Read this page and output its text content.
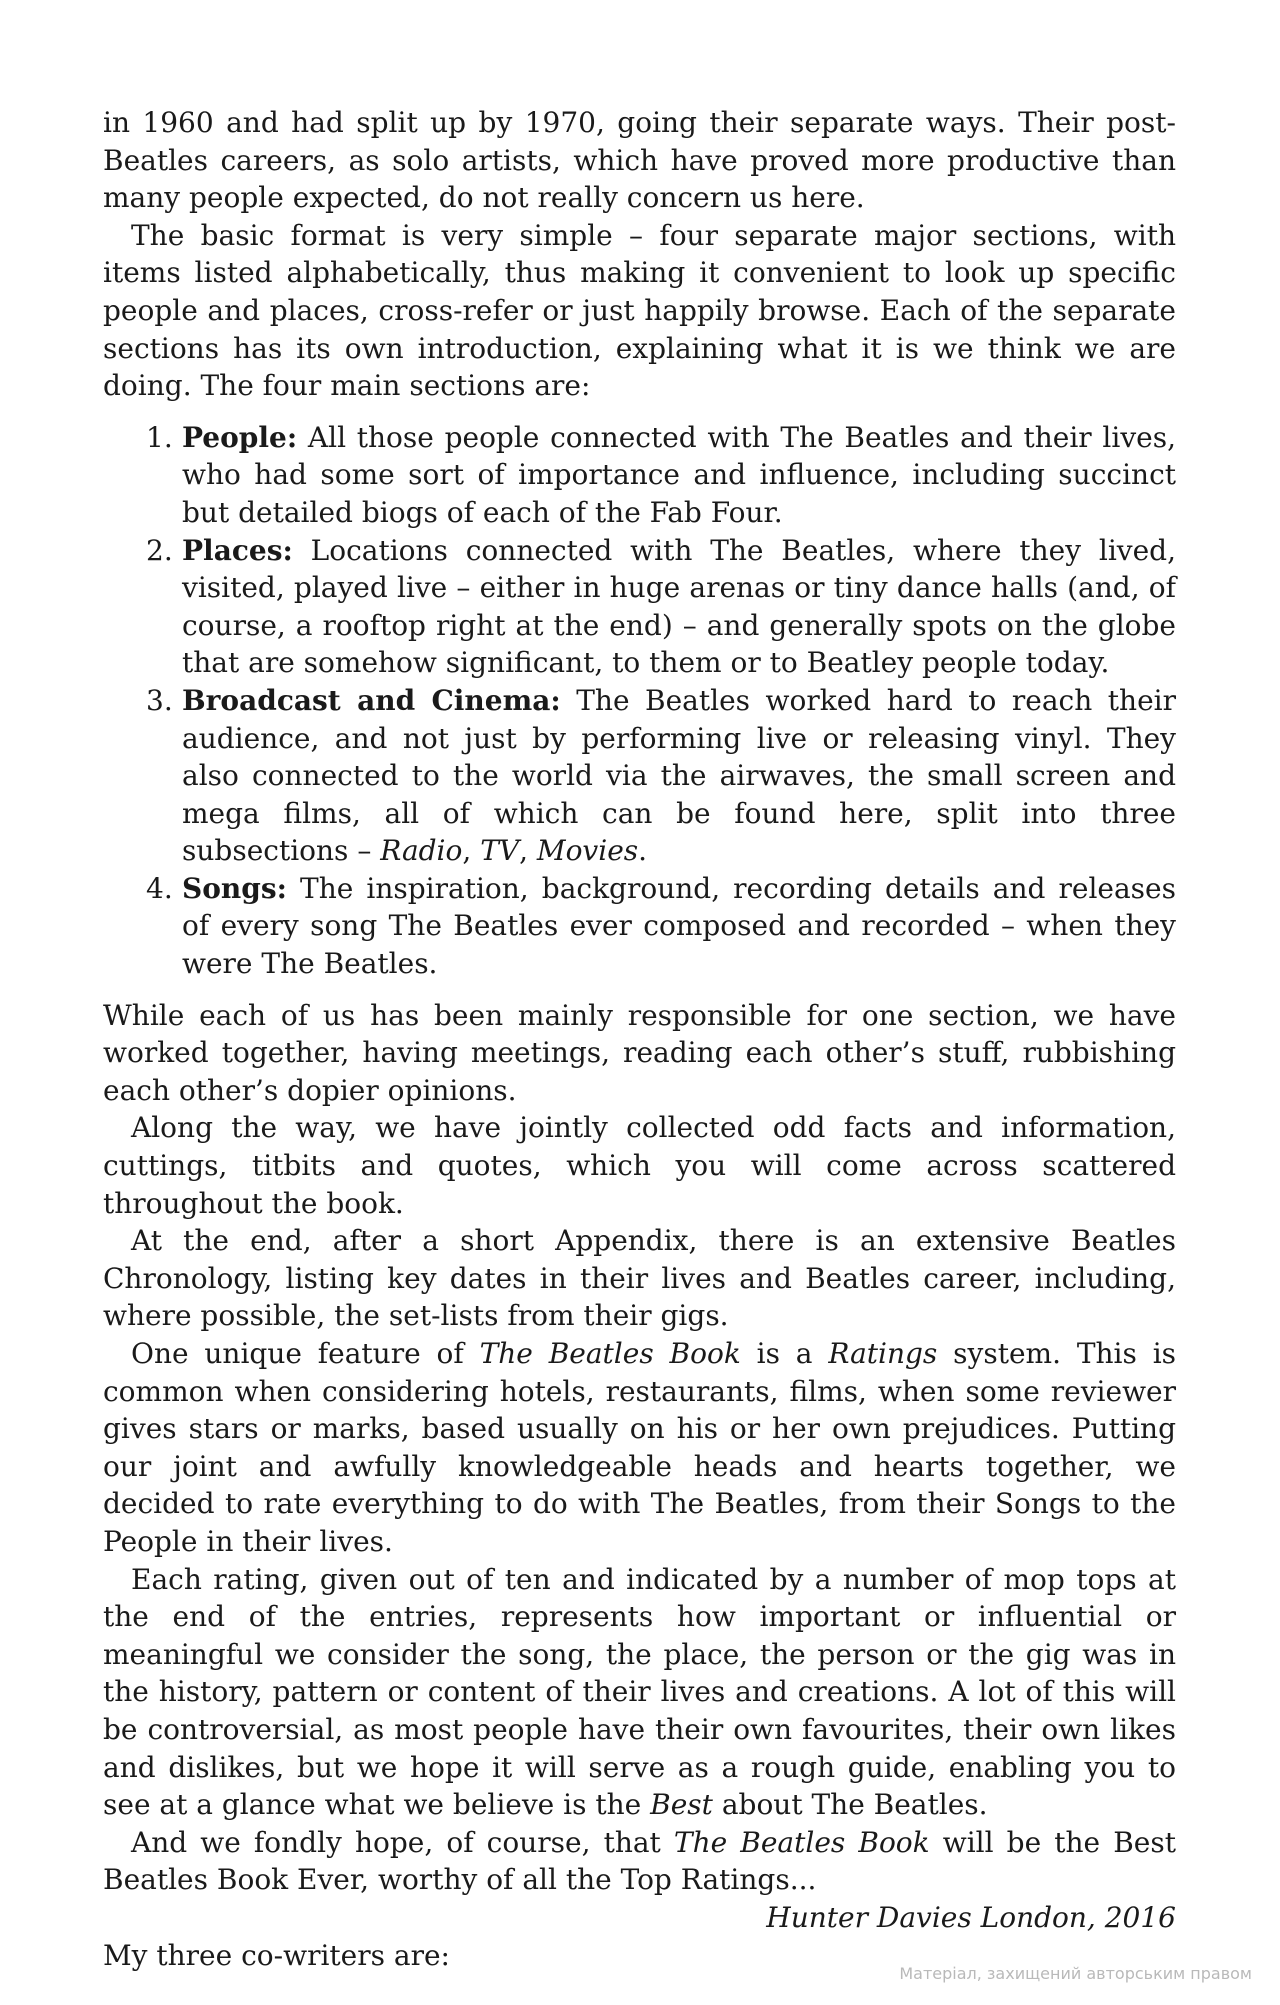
in 1960 and had split up by 1970, going their separate ways. Their post-Beatles careers, as solo artists, which have proved more productive than many people expected, do not really concern us here.

The basic format is very simple – four separate major sections, with items listed alphabetically, thus making it convenient to look up specific people and places, cross-refer or just happily browse. Each of the separate sections has its own introduction, explaining what it is we think we are doing. The four main sections are:

1. People: All those people connected with The Beatles and their lives, who had some sort of importance and influence, including succinct but detailed biogs of each of the Fab Four.
2. Places: Locations connected with The Beatles, where they lived, visited, played live – either in huge arenas or tiny dance halls (and, of course, a rooftop right at the end) – and generally spots on the globe that are somehow significant, to them or to Beatley people today.
3. Broadcast and Cinema: The Beatles worked hard to reach their audience, and not just by performing live or releasing vinyl. They also connected to the world via the airwaves, the small screen and mega films, all of which can be found here, split into three subsections – Radio, TV, Movies.
4. Songs: The inspiration, background, recording details and releases of every song The Beatles ever composed and recorded – when they were The Beatles.

While each of us has been mainly responsible for one section, we have worked together, having meetings, reading each other’s stuff, rubbishing each other’s dopier opinions.

Along the way, we have jointly collected odd facts and information, cuttings, titbits and quotes, which you will come across scattered throughout the book.

At the end, after a short Appendix, there is an extensive Beatles Chronology, listing key dates in their lives and Beatles career, including, where possible, the set-lists from their gigs.

One unique feature of The Beatles Book is a Ratings system. This is common when considering hotels, restaurants, films, when some reviewer gives stars or marks, based usually on his or her own prejudices. Putting our joint and awfully knowledgeable heads and hearts together, we decided to rate everything to do with The Beatles, from their Songs to the People in their lives.

Each rating, given out of ten and indicated by a number of mop tops at the end of the entries, represents how important or influential or meaningful we consider the song, the place, the person or the gig was in the history, pattern or content of their lives and creations. A lot of this will be controversial, as most people have their own favourites, their own likes and dislikes, but we hope it will serve as a rough guide, enabling you to see at a glance what we believe is the Best about The Beatles.

And we fondly hope, of course, that The Beatles Book will be the Best Beatles Book Ever, worthy of all the Top Ratings...

Hunter Davies London, 2016

My three co-writers are:

Матеріал, захищений авторським правом
